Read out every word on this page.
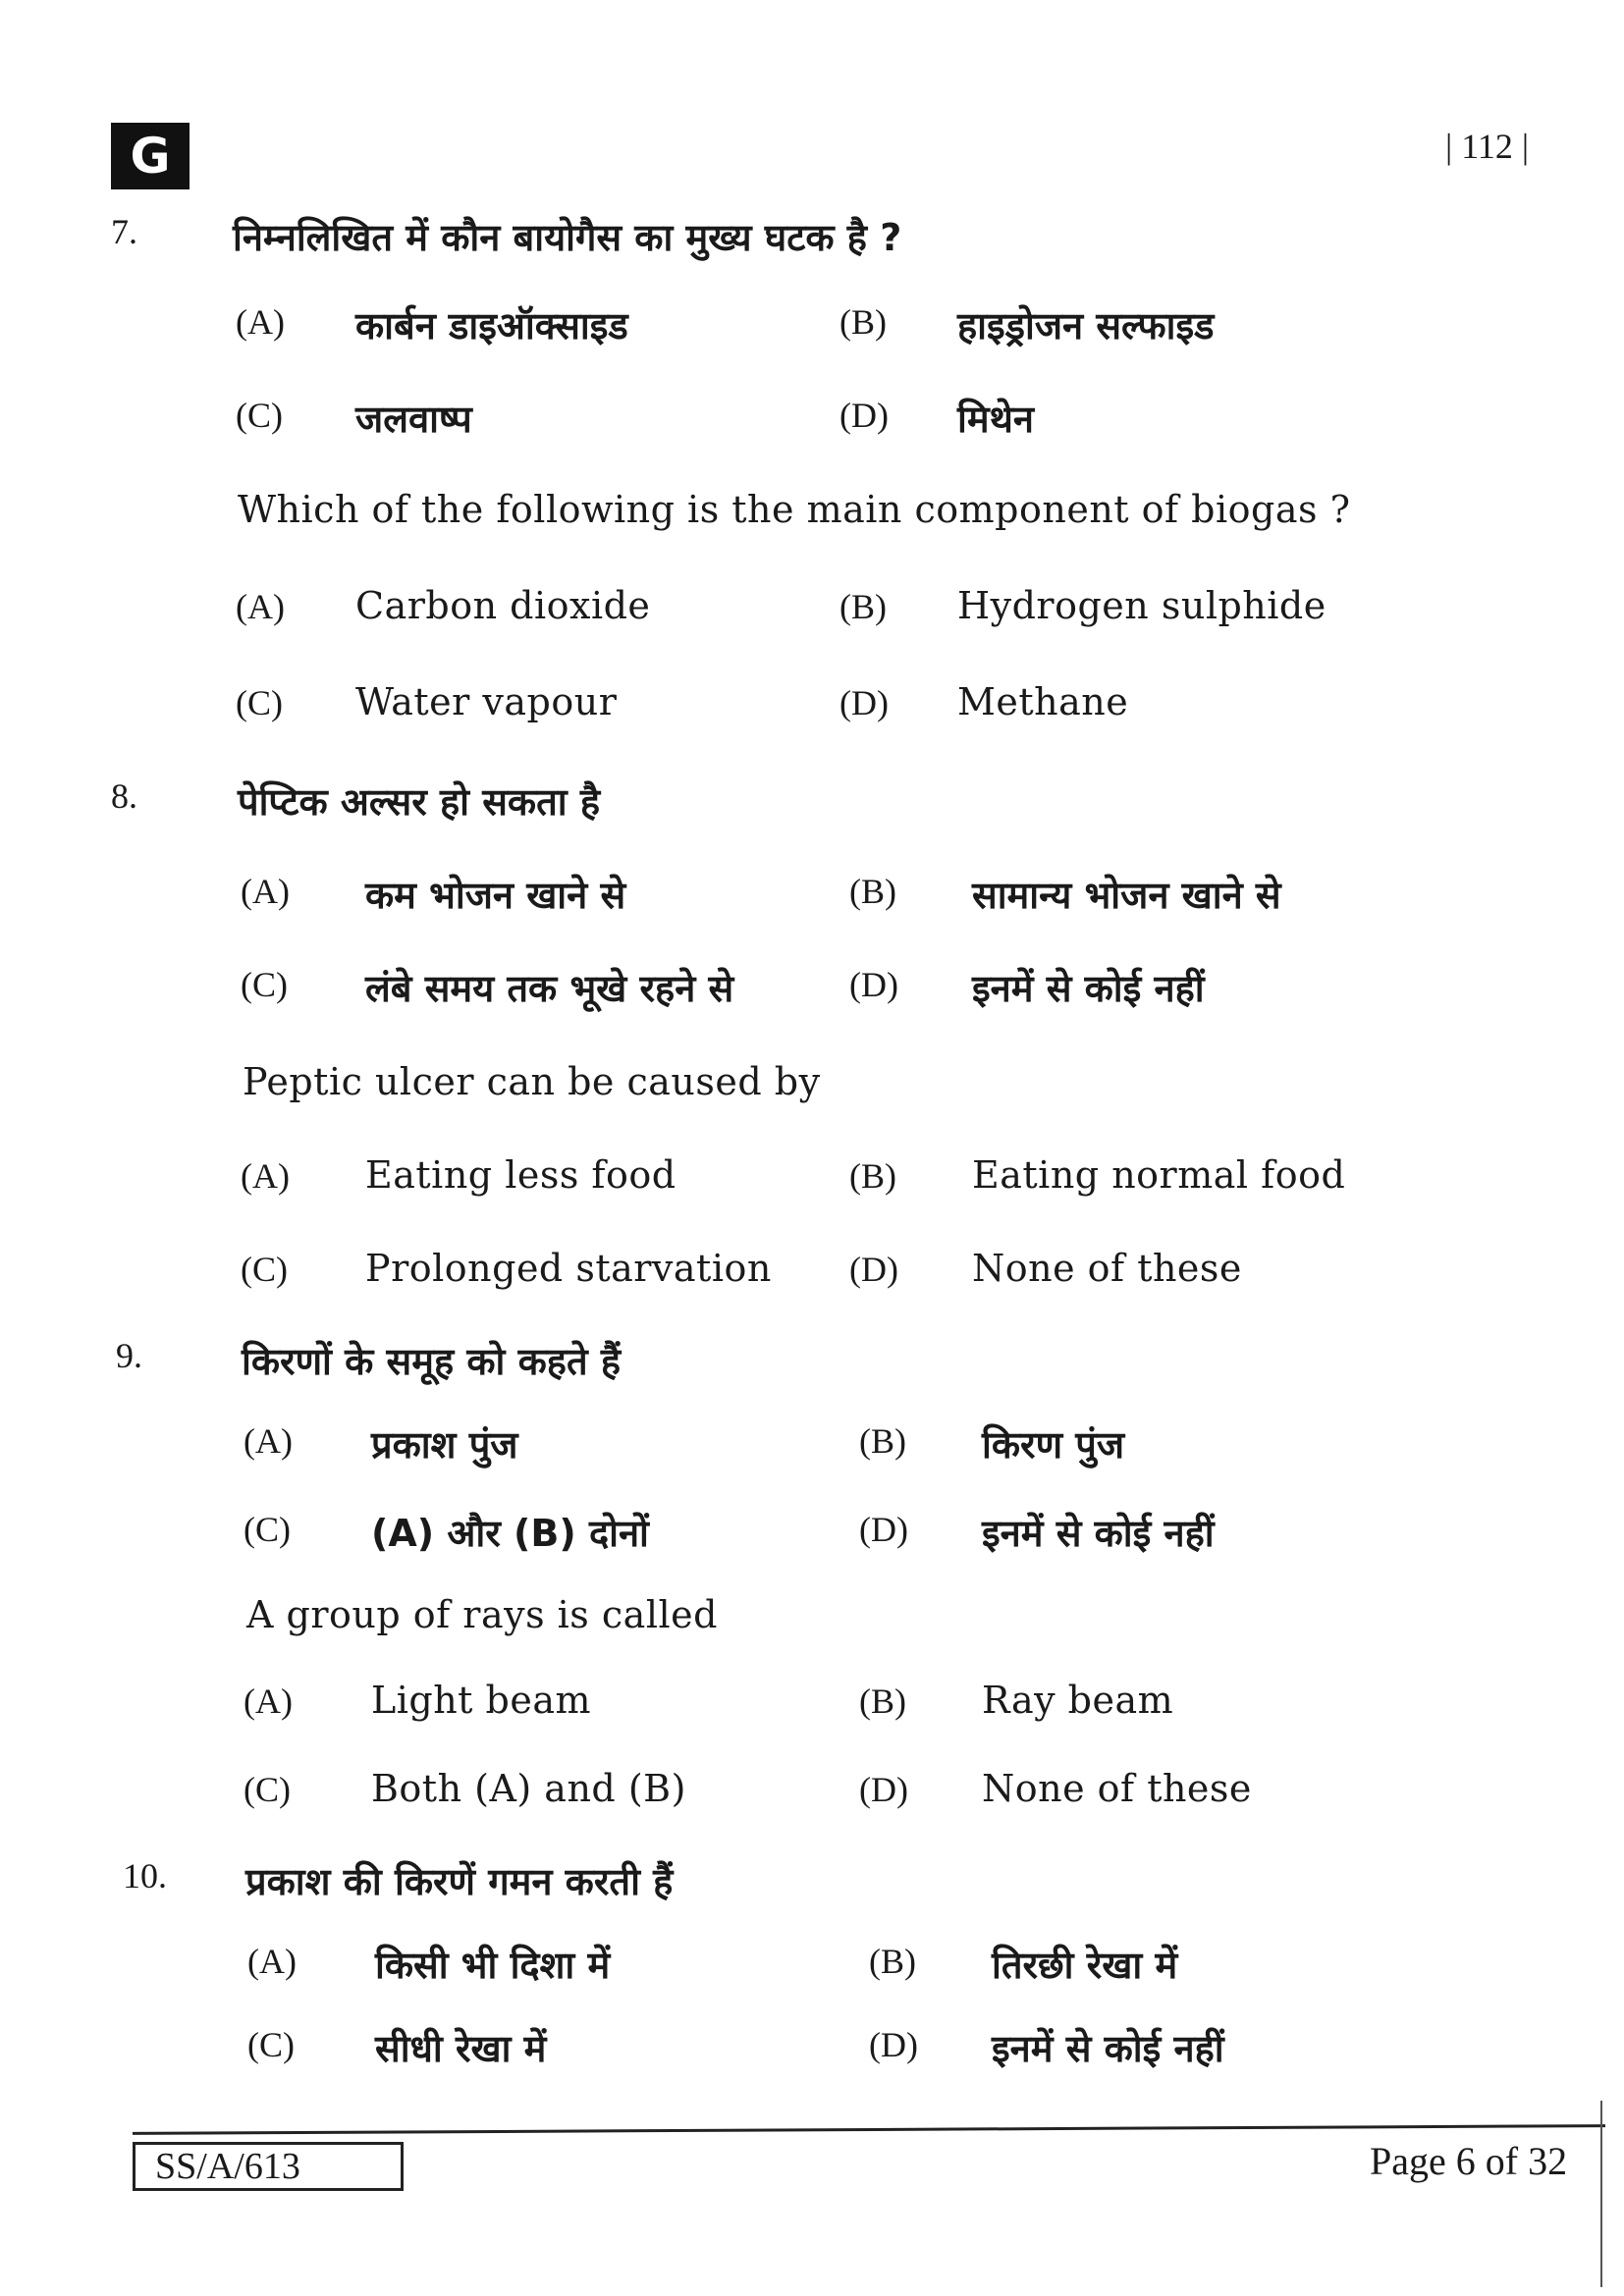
G	| 112 |
7.	निम्नलिखित में कौन बायोगैस का मुख्य घटक है ?
(A) कार्बन डाइऑक्साइड	(B) हाइड्रोजन सल्फाइड
(C) जलवाष्प	(D) मिथेन
Which of the following is the main component of biogas ?
(A) Carbon dioxide	(B) Hydrogen sulphide
(C) Water vapour	(D) Methane
8.	पेप्टिक अल्सर हो सकता है
(A) कम भोजन खाने से	(B) सामान्य भोजन खाने से
(C) लंबे समय तक भूखे रहने से	(D) इनमें से कोई नहीं
Peptic ulcer can be caused by
(A) Eating less food	(B) Eating normal food
(C) Prolonged starvation (D) None of these
9.	किरणों के समूह को कहते हैं
(A) प्रकाश पुंज	(B) किरण पुंज
(C) (A) और (B) दोनों	(D) इनमें से कोई नहीं
A group of rays is called
(A) Light beam	(B) Ray beam
(C) Both (A) and (B)	(D) None of these
10. प्रकाश की किरणें गमन करती हैं
(A) किसी भी दिशा में	(B) तिरछी रेखा में
(C) सीधी रेखा में	(D) इनमें से कोई नहीं
SS/A/613	Page 6 of 32
